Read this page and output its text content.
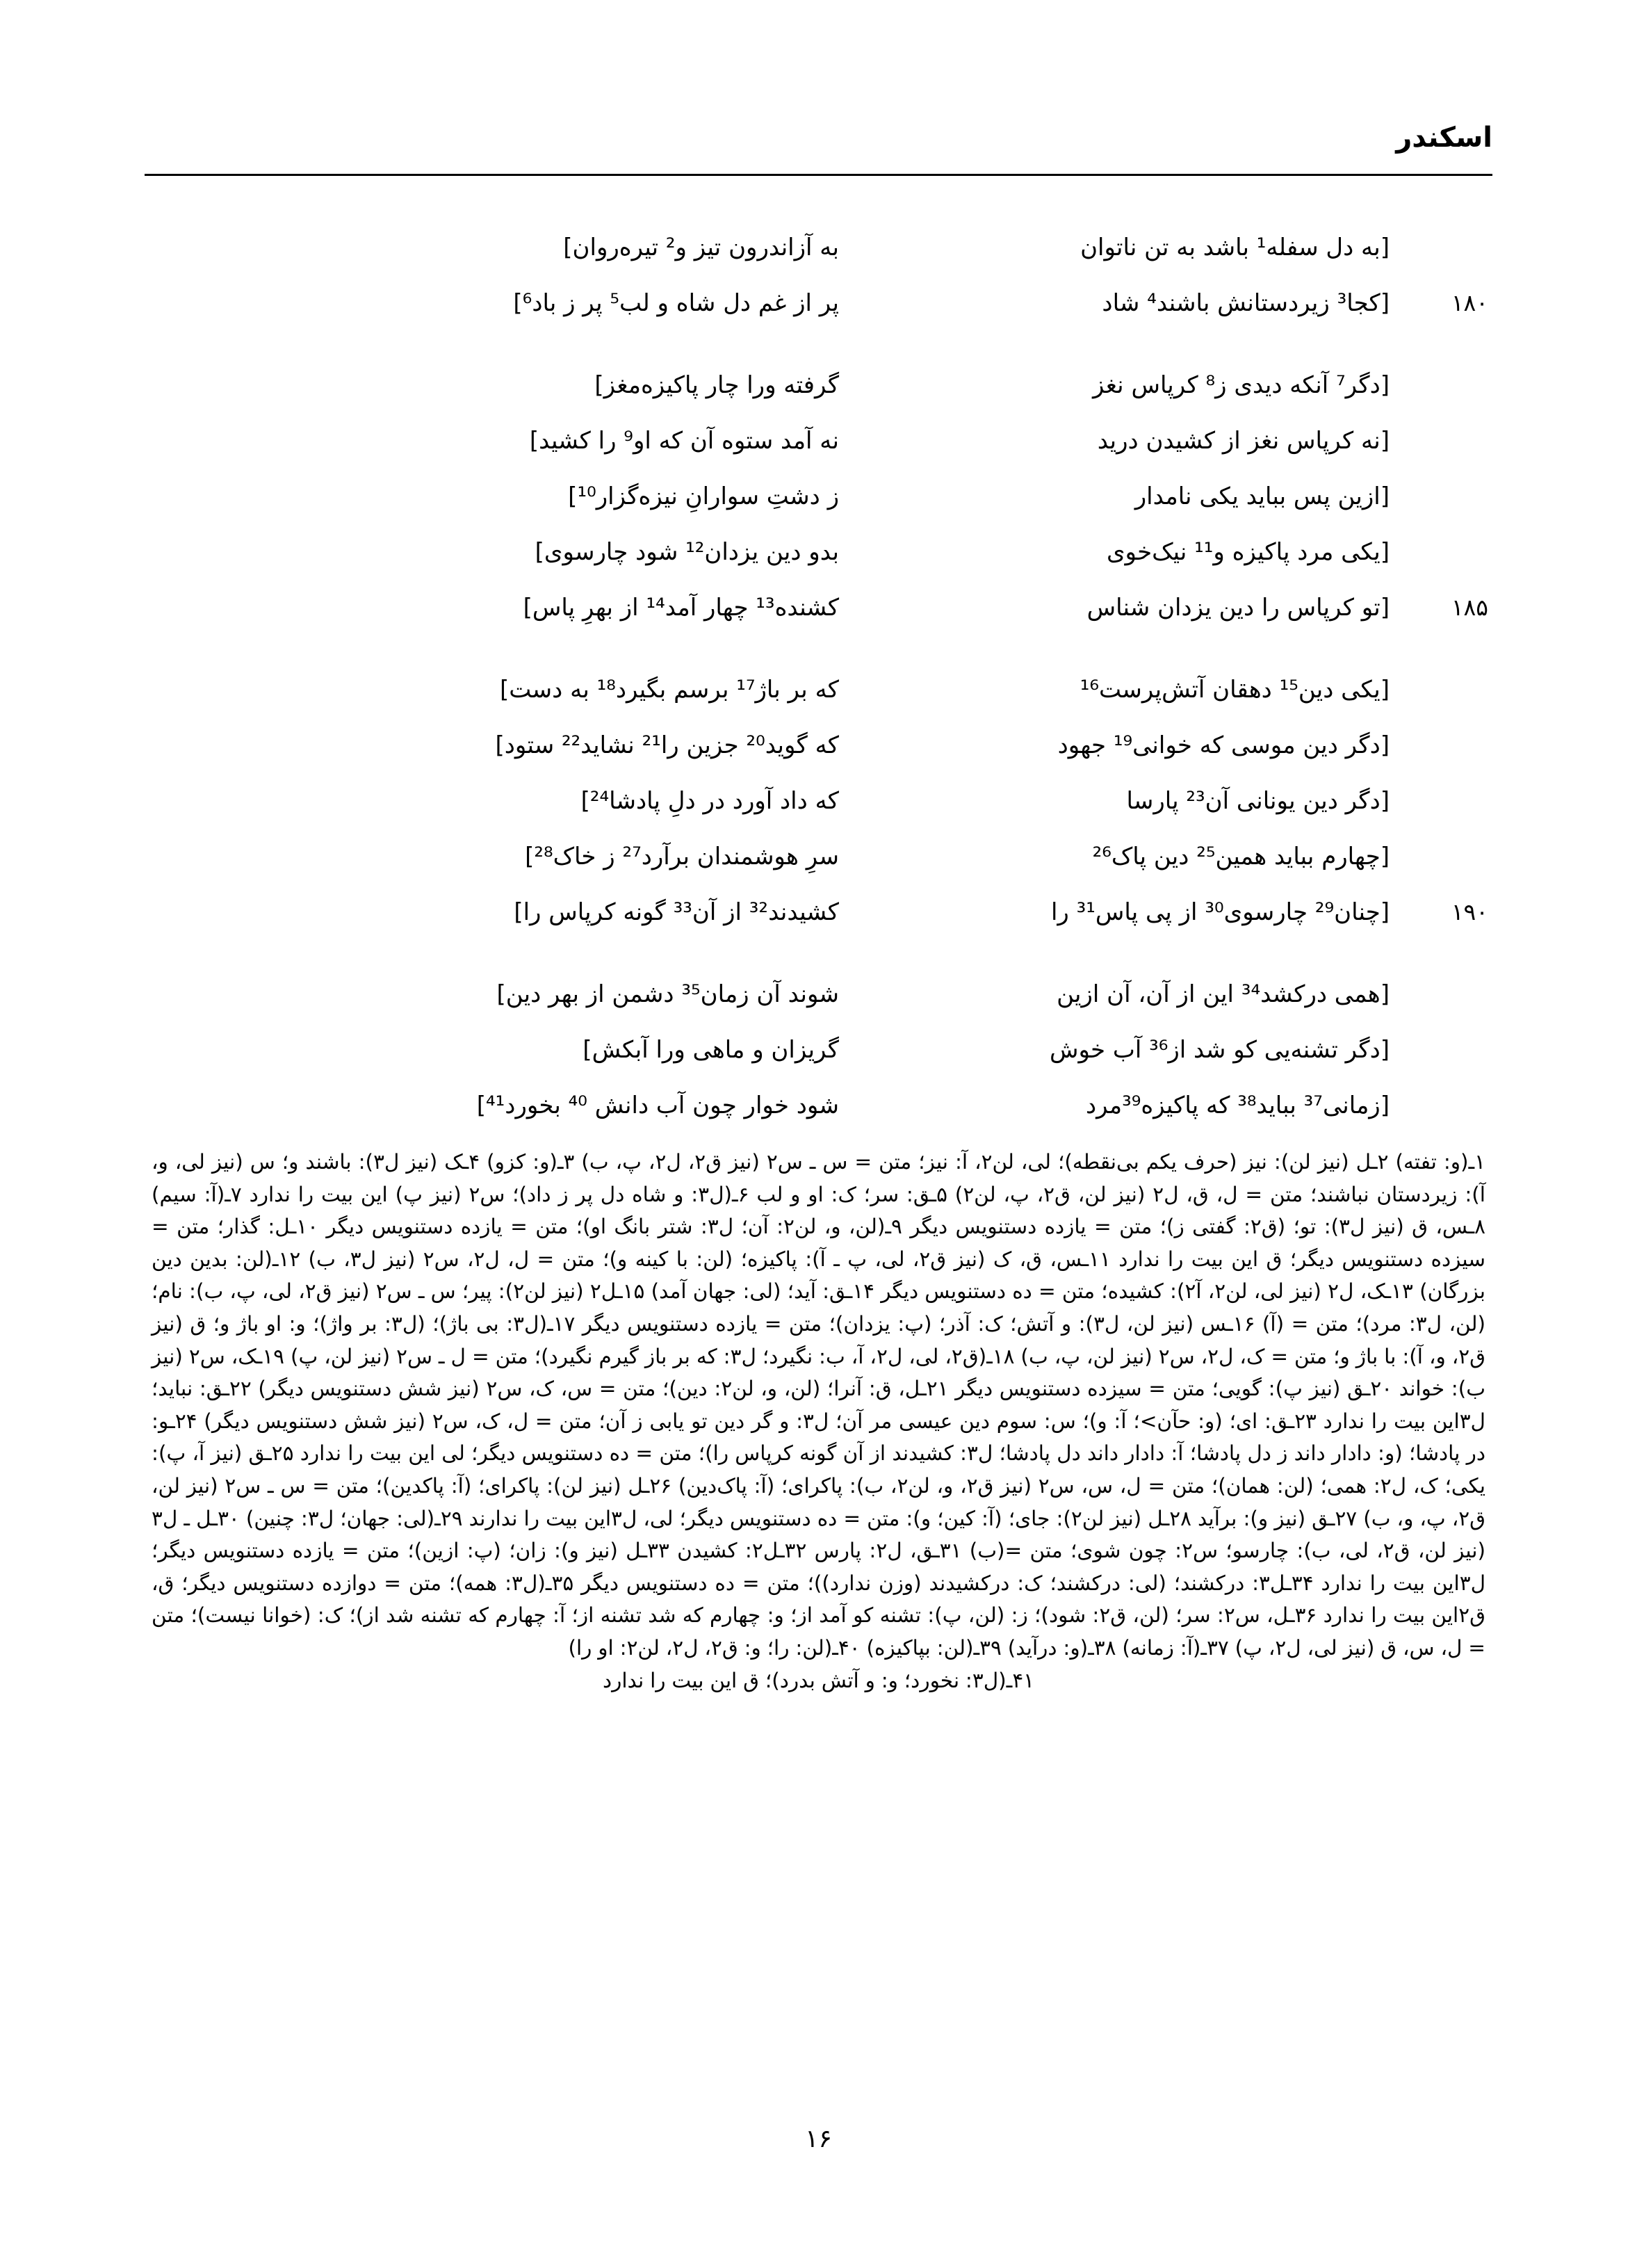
اسکندر
[به دل سفله¹ باشد به تن ناتوان
به آزاندرون تیز و² تیره‌روان]
۱۸۰
[کجا³ زیردستانش باشند⁴ شاد
پر از غم دل شاه و لب⁵ پر ز باد⁶]
[دگر⁷ آنکه دیدی ز⁸ کرپاس نغز
گرفته ورا چار پاکیزه‌مغز]
[نه کرپاس نغز از کشیدن درید
نه آمد ستوه آن که او⁹ را کشید]
[ازین پس بباید یکی نامدار
ز دشتِ سوارانِ نیزه‌گزار¹⁰]
[یکی مرد پاکیزه و¹¹ نیک‌خوی
بدو دین یزدان¹² شود چارسوی]
۱۸۵
[تو کرپاس را دین یزدان شناس
کشنده¹³ چهار آمد¹⁴ از بهرِ پاس]
[یکی دین¹⁵ دهقان آتش‌پرست¹⁶
که بر باژ¹⁷ برسم بگیرد¹⁸ به دست]
[دگر دین موسی که خوانی¹⁹ جهود
که گوید²⁰ جزین را²¹ نشاید²² ستود]
[دگر دین یونانی آن²³ پارسا
که داد آورد در دلِ پادشا²⁴]
[چهارم بباید همین²⁵ دین پاک²⁶
سرِ هوشمندان برآرد²⁷ ز خاک²⁸]
۱۹۰
[چنان²⁹ چارسوی³⁰ از پی پاس³¹ را
کشیدند³² از آن³³ گونه کرپاس را]
[همی درکشد³⁴ این از آن، آن ازین
شوند آن زمان³⁵ دشمن از بهر دین]
[دگر تشنه‌یی کو شد از³⁶ آب خوش
گریزان و ماهی ورا آبکش]
[زمانی³⁷ بباید³⁸ که پاکیزه³⁹مرد
شود خوار چون آب دانش ⁴⁰ بخورد⁴¹]

۱ـ(و: تفته) ۲ـل (نیز لن): نیز (حرف یکم بی‌نقطه)؛ لی، لن۲، آ: نیز؛ متن = س ـ س۲ (نیز ق۲، ل۲، پ، ب) ۳ـ(و: کزو) ۴ـک (نیز ل۳): باشند و؛ س (نیز لی، و، آ): زیردستان نباشند؛ متن = ل، ق، ل۲ (نیز لن، ق۲، پ، لن۲) ۵ـق: سر؛ ک: او و لب ۶ـ(ل۳: و شاه دل پر ز داد)؛ س۲ (نیز پ) این بیت را ندارد ۷ـ(آ: سیم) ۸ـس، ق (نیز ل۳): تو؛ (ق۲: گفتی ز)؛ متن = یازده دستنویس دیگر ۹ـ(لن، و، لن۲: آن؛ ل۳: شتر بانگ او)؛ متن = یازده دستنویس دیگر ۱۰ـل: گذار؛ متن = سیزده دستنویس دیگر؛ ق این بیت را ندارد ۱۱ـس، ق، ک (نیز ق۲، لی، پ ـ آ): پاکیزه؛ (لن: با کینه و)؛ متن = ل، ل۲، س۲ (نیز ل۳، ب) ۱۲ـ(لن: بدین دین بزرگان) ۱۳ـک، ل۲ (نیز لی، لن۲، آ۲): کشیده؛ متن = ده دستنویس دیگر ۱۴ـق: آید؛ (لی: جهان آمد) ۱۵ـل۲ (نیز لن۲): پیر؛ س ـ س۲ (نیز ق۲، لی، پ، ب): نام؛ (لن، ل۳: مرد)؛ متن = (آ) ۱۶ـس (نیز لن، ل۳): و آتش؛ ک: آذر؛ (پ: یزدان)؛ متن = یازده دستنویس دیگر ۱۷ـ(ل۳: بی باژ)؛ (ل۳: بر واژ)؛ و: او باژ و؛ ق (نیز ق۲، و، آ): با باژ و؛ متن = ک، ل۲، س۲ (نیز لن، پ، ب) ۱۸ـ(ق۲، لی، ل۲، آ، ب: نگیرد؛ ل۳: که بر باز گیرم نگیرد)؛ متن = ل ـ س۲ (نیز لن، پ) ۱۹ـک، س۲ (نیز ب): خواند ۲۰ـق (نیز پ): گویی؛ متن = سیزده دستنویس دیگر ۲۱ـل، ق: آنرا؛ (لن، و، لن۲: دین)؛ متن = س، ک، س۲ (نیز شش دستنویس دیگر) ۲۲ـق: نباید؛ ل۳این بیت را ندارد ۲۳ـق: ای؛ (و: حآن>؛ آ: و)؛ س: سوم دین عیسی مر آن؛ ل۳: و گر دین تو یابی ز آن؛ متن = ل، ک، س۲ (نیز شش دستنویس دیگر) ۲۴ـو: در پادشا؛ (و: دادار داند ز دل پادشا؛ آ: دادار داند دل پادشا؛ ل۳: کشیدند از آن گونه کرپاس را)؛ متن = ده دستنویس دیگر؛ لی این بیت را ندارد ۲۵ـق (نیز آ، پ): یکی؛ ک، ل۲: همی؛ (لن: همان)؛ متن = ل، س، س۲ (نیز ق۲، و، لن۲، ب): پاکرای؛ (آ: پاک‌دین) ۲۶ـل (نیز لن): پاکرای؛ (آ: پاکدین)؛ متن = س ـ س۲ (نیز لن، ق۲، پ، و، ب) ۲۷ـق (نیز و): برآید ۲۸ـل (نیز لن۲): جای؛ (آ: کین؛ و): متن = ده دستنویس دیگر؛ لی، ل۳این بیت را ندارند ۲۹ـ(لی: جهان؛ ل۳: چنین) ۳۰ـل ـ ل۳ (نیز لن، ق۲، لی، ب): چارسو؛ س۲: چون شوی؛ متن =(ب) ۳۱ـق، ل۲: پارس ۳۲ـل۲: کشیدن ۳۳ـل (نیز و): زان؛ (پ: ازین)؛ متن = یازده دستنویس دیگر؛ ل۳این بیت را ندارد ۳۴ـل۳: درکشند؛ (لی: درکشند؛ ک: درکشیدند (وزن ندارد))؛ متن = ده دستنویس دیگر ۳۵ـ(ل۳: همه)؛ متن = دوازده دستنویس دیگر؛ ق، ق۲این بیت را ندارد ۳۶ـل، س۲: سر؛ (لن، ق۲: شود)؛ ز: (لن، پ): تشنه کو آمد از؛ و: چهارم که شد تشنه از؛ آ: چهارم که تشنه شد از)؛ ک: (خوانا نیست)؛ متن = ل، س، ق (نیز لی، ل۲، پ) ۳۷ـ(آ: زمانه) ۳۸ـ(و: درآید) ۳۹ـ(لن: بپاکیزه) ۴۰ـ(لن: را؛ و: ق۲، ل۲، لن۲: او را)

۴۱ـ(ل۳: نخورد؛ و: و آتش بدرد)؛ ق این بیت را ندارد

۱۶
